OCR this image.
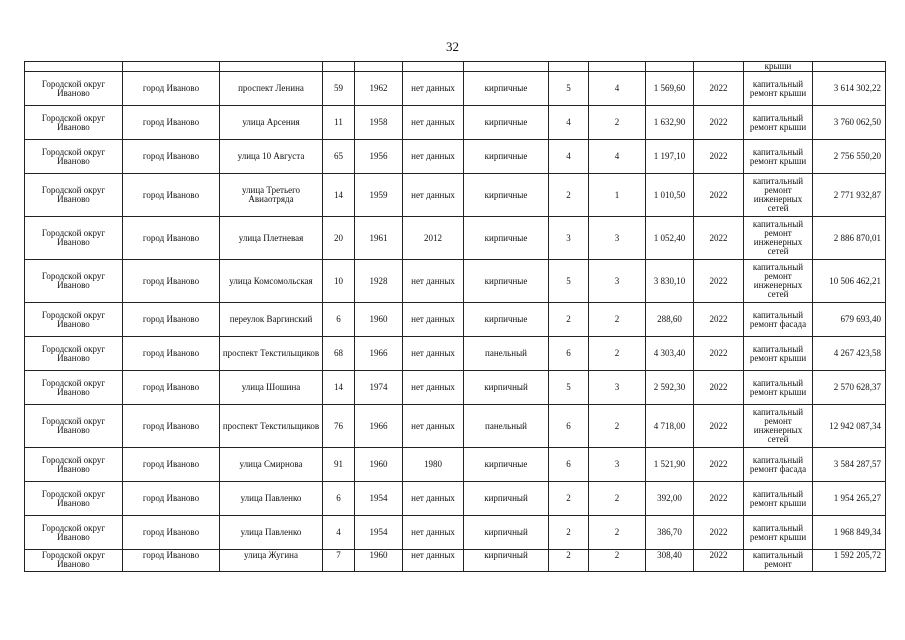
32
											крыши	
Городской округ Иваново	город Иваново	проспект Ленина	59	1962	нет данных	кирпичные	5	4	1 569,60	2022	капитальный ремонт крыши	3 614 302,22
Городской округ Иваново	город Иваново	улица Арсения	11	1958	нет данных	кирпичные	4	2	1 632,90	2022	капитальный ремонт крыши	3 760 062,50
Городской округ Иваново	город Иваново	улица 10 Августа	65	1956	нет данных	кирпичные	4	4	1 197,10	2022	капитальный ремонт крыши	2 756 550,20
Городской округ Иваново	город Иваново	улица Третьего Авиаотряда	14	1959	нет данных	кирпичные	2	1	1 010,50	2022	капитальный ремонт инженерных сетей	2 771 932,87
Городской округ Иваново	город Иваново	улица Плетневая	20	1961	2012	кирпичные	3	3	1 052,40	2022	капитальный ремонт инженерных сетей	2 886 870,01
Городской округ Иваново	город Иваново	улица Комсомольская	10	1928	нет данных	кирпичные	5	3	3 830,10	2022	капитальный ремонт инженерных сетей	10 506 462,21
Городской округ Иваново	город Иваново	переулок Варгинский	6	1960	нет данных	кирпичные	2	2	288,60	2022	капитальный ремонт фасада	679 693,40
Городской округ Иваново	город Иваново	проспект Текстильщиков	68	1966	нет данных	панельный	6	2	4 303,40	2022	капитальный ремонт крыши	4 267 423,58
Городской округ Иваново	город Иваново	улица Шошина	14	1974	нет данных	кирпичный	5	3	2 592,30	2022	капитальный ремонт крыши	2 570 628,37
Городской округ Иваново	город Иваново	проспект Текстильщиков	76	1966	нет данных	панельный	6	2	4 718,00	2022	капитальный ремонт инженерных сетей	12 942 087,34
Городской округ Иваново	город Иваново	улица Смирнова	91	1960	1980	кирпичные	6	3	1 521,90	2022	капитальный ремонт фасада	3 584 287,57
Городской округ Иваново	город Иваново	улица Павленко	6	1954	нет данных	кирпичный	2	2	392,00	2022	капитальный ремонт крыши	1 954 265,27
Городской округ Иваново	город Иваново	улица Павленко	4	1954	нет данных	кирпичный	2	2	386,70	2022	капитальный ремонт крыши	1 968 849,34
Городской округ Иваново	город Иваново	улица Жугина	7	1960	нет данных	кирпичный	2	2	308,40	2022	капитальный ремонт	1 592 205,72
